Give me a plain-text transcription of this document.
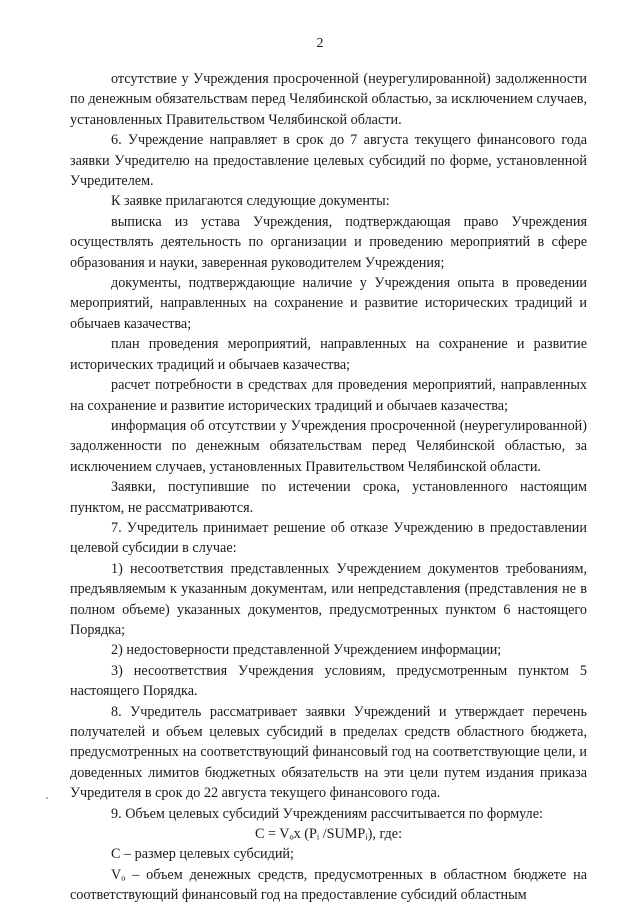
2

отсутствие у Учреждения просроченной (неурегулированной) задолженности по денежным обязательствам перед Челябинской областью, за исключением случаев, установленных Правительством Челябинской области.

6. Учреждение направляет в срок до 7 августа текущего финансового года заявки Учредителю на предоставление целевых субсидий по форме, установленной Учредителем.

К заявке прилагаются следующие документы:

выписка из устава Учреждения, подтверждающая право Учреждения осуществлять деятельность по организации и проведению мероприятий в сфере образования и науки, заверенная руководителем Учреждения;

документы, подтверждающие наличие у Учреждения опыта в проведении мероприятий, направленных на сохранение и развитие исторических традиций и обычаев казачества;

план проведения мероприятий, направленных на сохранение и развитие исторических традиций и обычаев казачества;

расчет потребности в средствах для проведения мероприятий, направленных на сохранение и развитие исторических традиций и обычаев казачества;

информация об отсутствии у Учреждения просроченной (неурегулированной) задолженности по денежным обязательствам перед Челябинской областью, за исключением случаев, установленных Правительством Челябинской области.

Заявки, поступившие по истечении срока, установленного настоящим пунктом, не рассматриваются.

7. Учредитель принимает решение об отказе Учреждению в предоставлении целевой субсидии в случае:

1) несоответствия представленных Учреждением документов требованиям, предъявляемым к указанным документам, или непредставления (представления не в полном объеме) указанных документов, предусмотренных пунктом 6 настоящего Порядка;

2) недостоверности представленной Учреждением информации;

3) несоответствия Учреждения условиям, предусмотренным пунктом 5 настоящего Порядка.

8. Учредитель рассматривает заявки Учреждений и утверждает перечень получателей и объем целевых субсидий в пределах средств областного бюджета, предусмотренных на соответствующий финансовый год на соответствующие цели, и доведенных лимитов бюджетных обязательств на эти цели путем издания приказа Учредителя в срок до 22 августа текущего финансового года.

9. Объем целевых субсидий Учреждениям рассчитывается по формуле:

C = Vₒx (Pᵢ /SUMPᵢ), где:

C – размер целевых субсидий;

Vₒ – объем денежных средств, предусмотренных в областном бюджете на соответствующий финансовый год на предоставление субсидий областным
